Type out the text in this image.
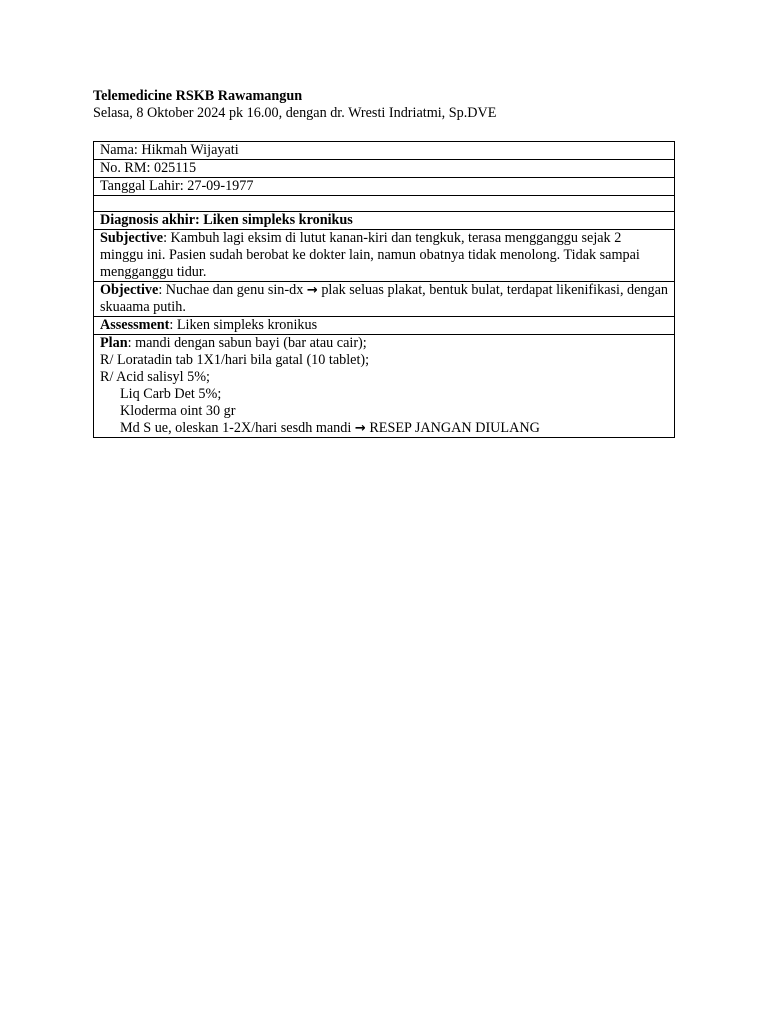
Telemedicine RSKB Rawamangun
Selasa, 8 Oktober 2024 pk 16.00, dengan dr. Wresti Indriatmi, Sp.DVE
Nama: Hikmah Wijayati
No. RM: 025115
Tanggal Lahir: 27-09-1977

Diagnosis akhir: Liken simpleks kronikus
Subjective: Kambuh lagi eksim di lutut kanan-kiri dan tengkuk, terasa mengganggu sejak 2 minggu ini. Pasien sudah berobat ke dokter lain, namun obatnya tidak menolong. Tidak sampai mengganggu tidur.
Objective: Nuchae dan genu sin-dx → plak seluas plakat, bentuk bulat, terdapat likenifikasi, dengan skuaama putih.
Assessment: Liken simpleks kronikus

Plan: mandi dengan sabun bayi (bar atau cair);
R/ Loratadin tab 1X1/hari bila gatal (10 tablet);
R/ Acid salisyl 5%;
Liq Carb Det 5%;
Kloderma oint 30 gr
Md S ue, oleskan 1-2X/hari sesdh mandi → RESEP JANGAN DIULANG
